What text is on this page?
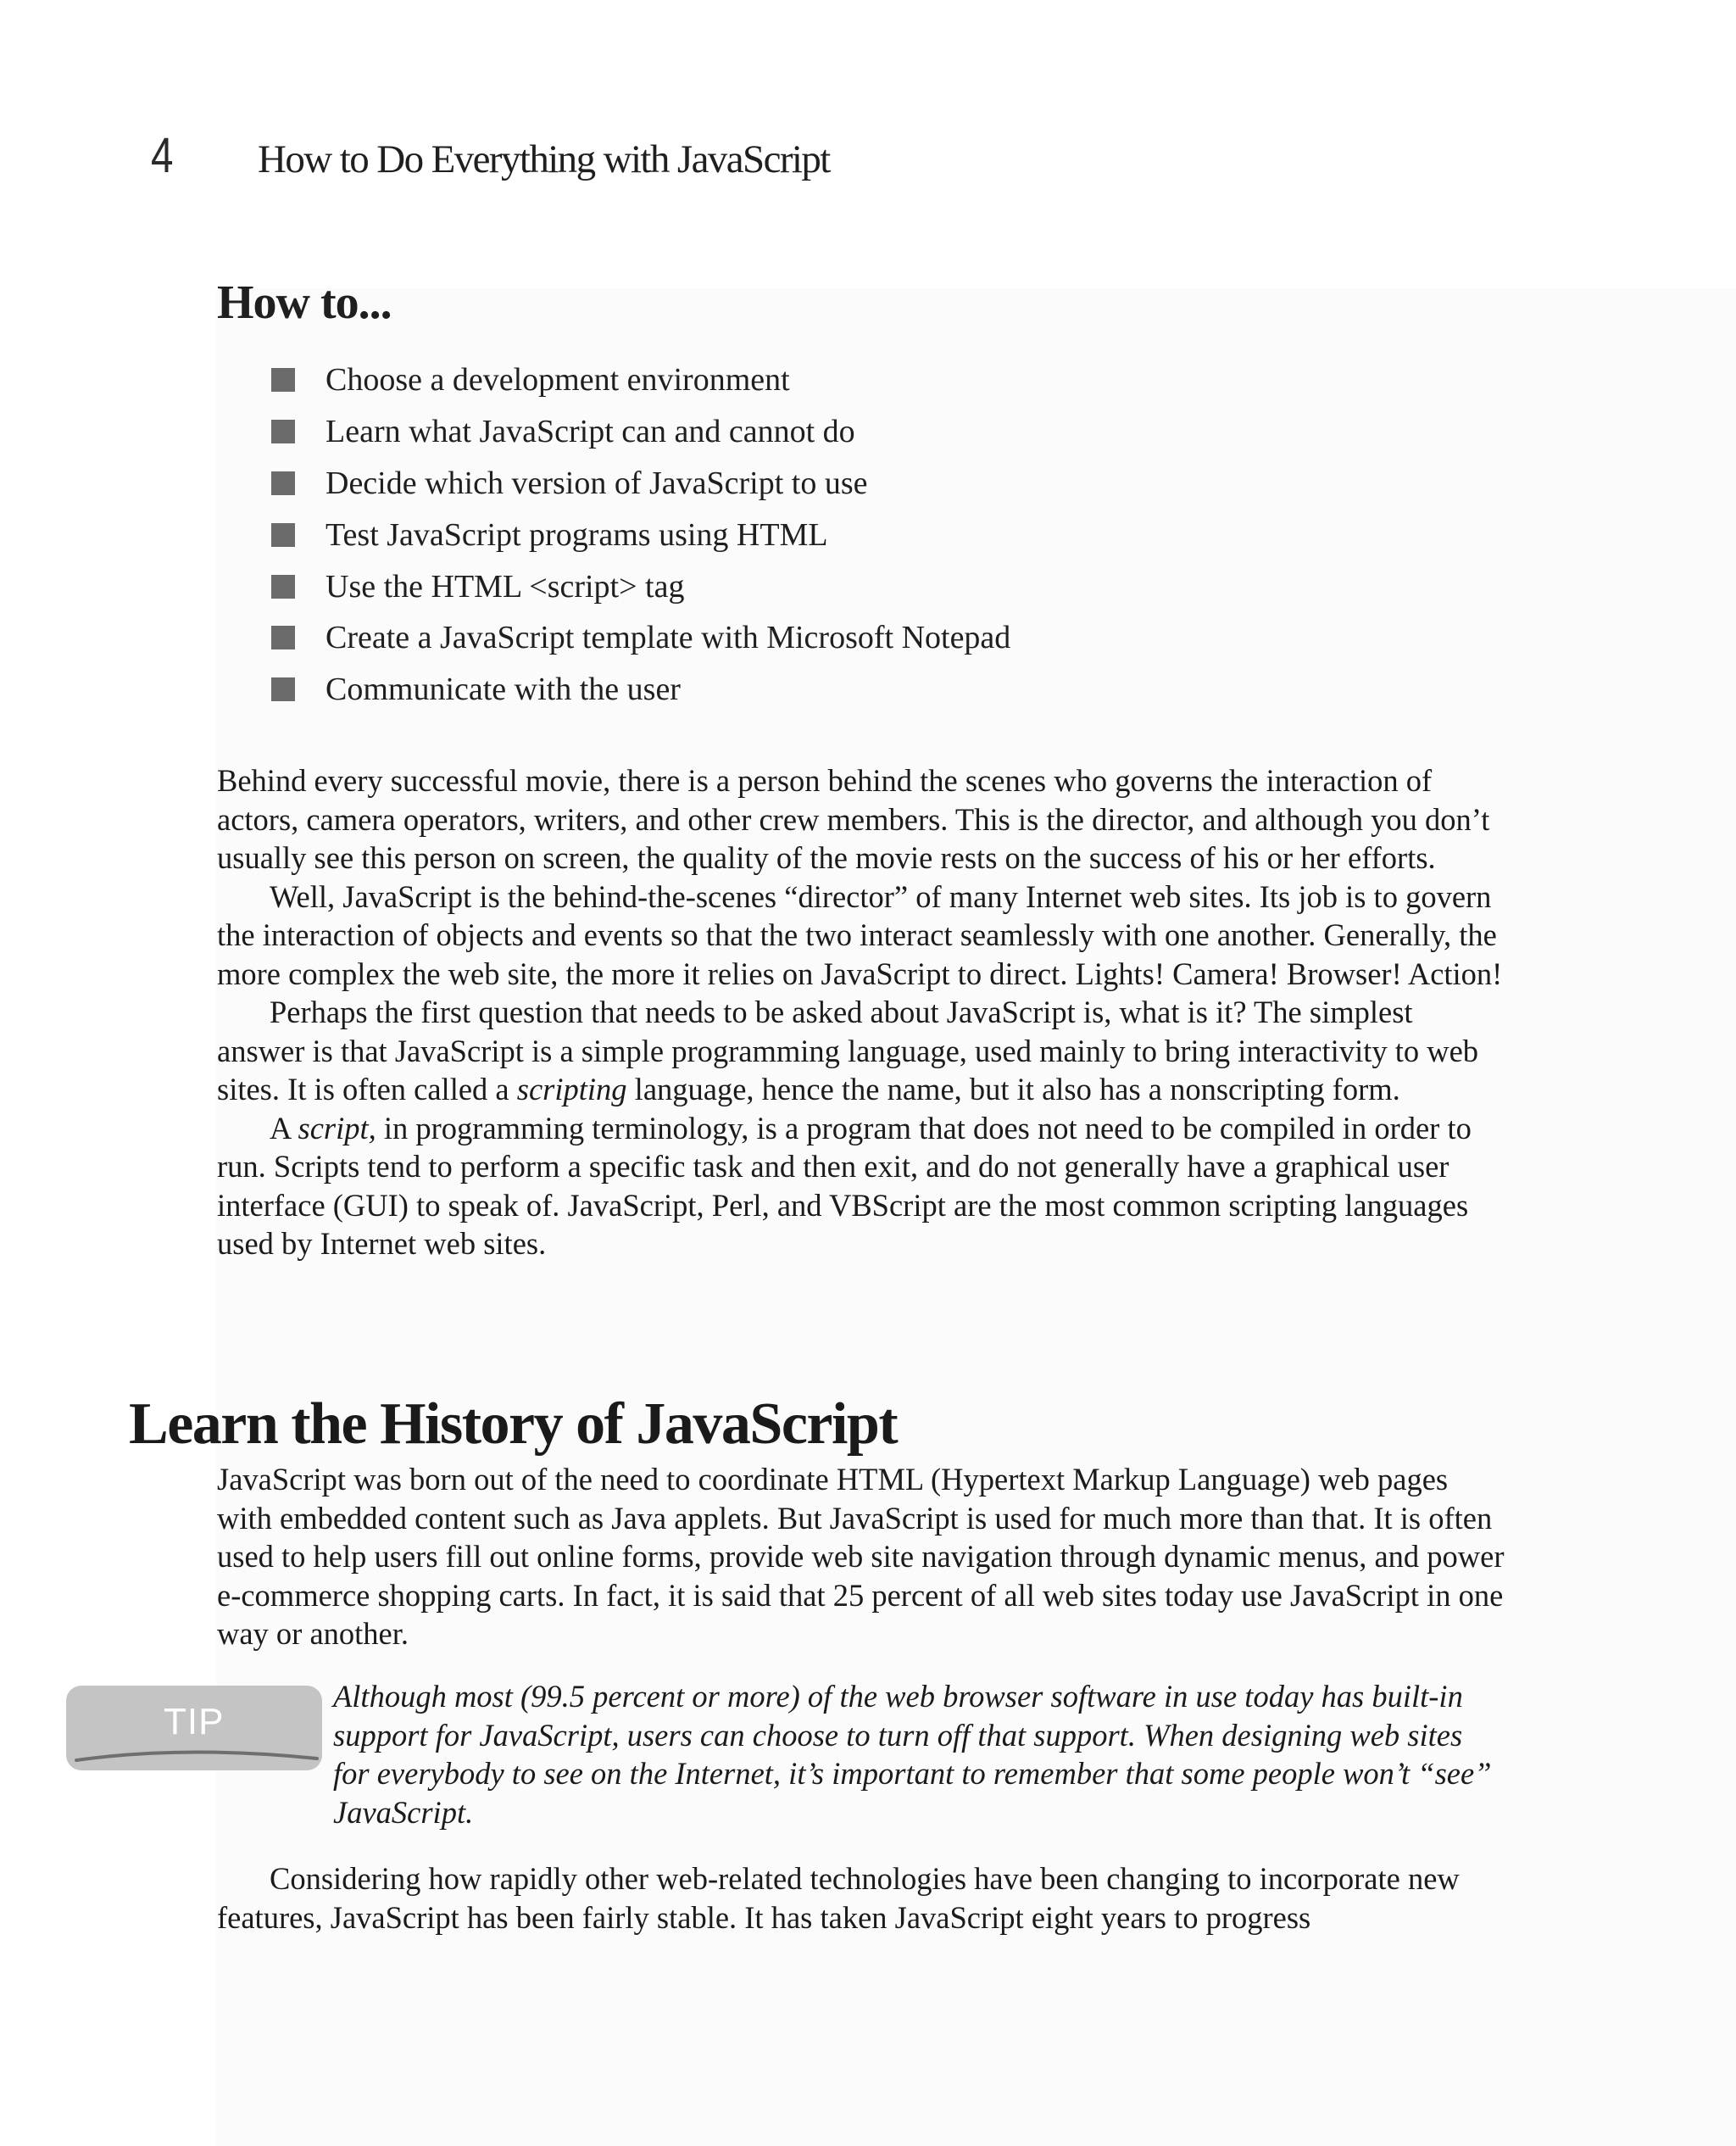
4	How to Do Everything with JavaScript
How to...
Choose a development environment
Learn what JavaScript can and cannot do
Decide which version of JavaScript to use
Test JavaScript programs using HTML
Use the HTML <script> tag
Create a JavaScript template with Microsoft Notepad
Communicate with the user

Behind every successful movie, there is a person behind the scenes who governs the interaction of actors, camera operators, writers, and other crew members. This is the director, and although you don’t usually see this person on screen, the quality of the movie rests on the success of his or her efforts.

Well, JavaScript is the behind-the-scenes “director” of many Internet web sites. Its job is to govern the interaction of objects and events so that the two interact seamlessly with one another. Generally, the more complex the web site, the more it relies on JavaScript to direct. Lights! Camera! Browser! Action!

Perhaps the first question that needs to be asked about JavaScript is, what is it? The simplest answer is that JavaScript is a simple programming language, used mainly to bring interactivity to web sites. It is often called a scripting language, hence the name, but it also has a nonscripting form.

A script, in programming terminology, is a program that does not need to be compiled in order to run. Scripts tend to perform a specific task and then exit, and do not generally have a graphical user interface (GUI) to speak of. JavaScript, Perl, and VBScript are the most common scripting languages used by Internet web sites.

Learn the History of JavaScript

JavaScript was born out of the need to coordinate HTML (Hypertext Markup Language) web pages with embedded content such as Java applets. But JavaScript is used for much more than that. It is often used to help users fill out online forms, provide web site navigation through dynamic menus, and power e-commerce shopping carts. In fact, it is said that 25 percent of all web sites today use JavaScript in one way or another.

TIP

Although most (99.5 percent or more) of the web browser software in use today has built-in support for JavaScript, users can choose to turn off that support. When designing web sites for everybody to see on the Internet, it’s important to remember that some people won’t “see” JavaScript.

Considering how rapidly other web-related technologies have been changing to incorporate new features, JavaScript has been fairly stable. It has taken JavaScript eight years to progress
